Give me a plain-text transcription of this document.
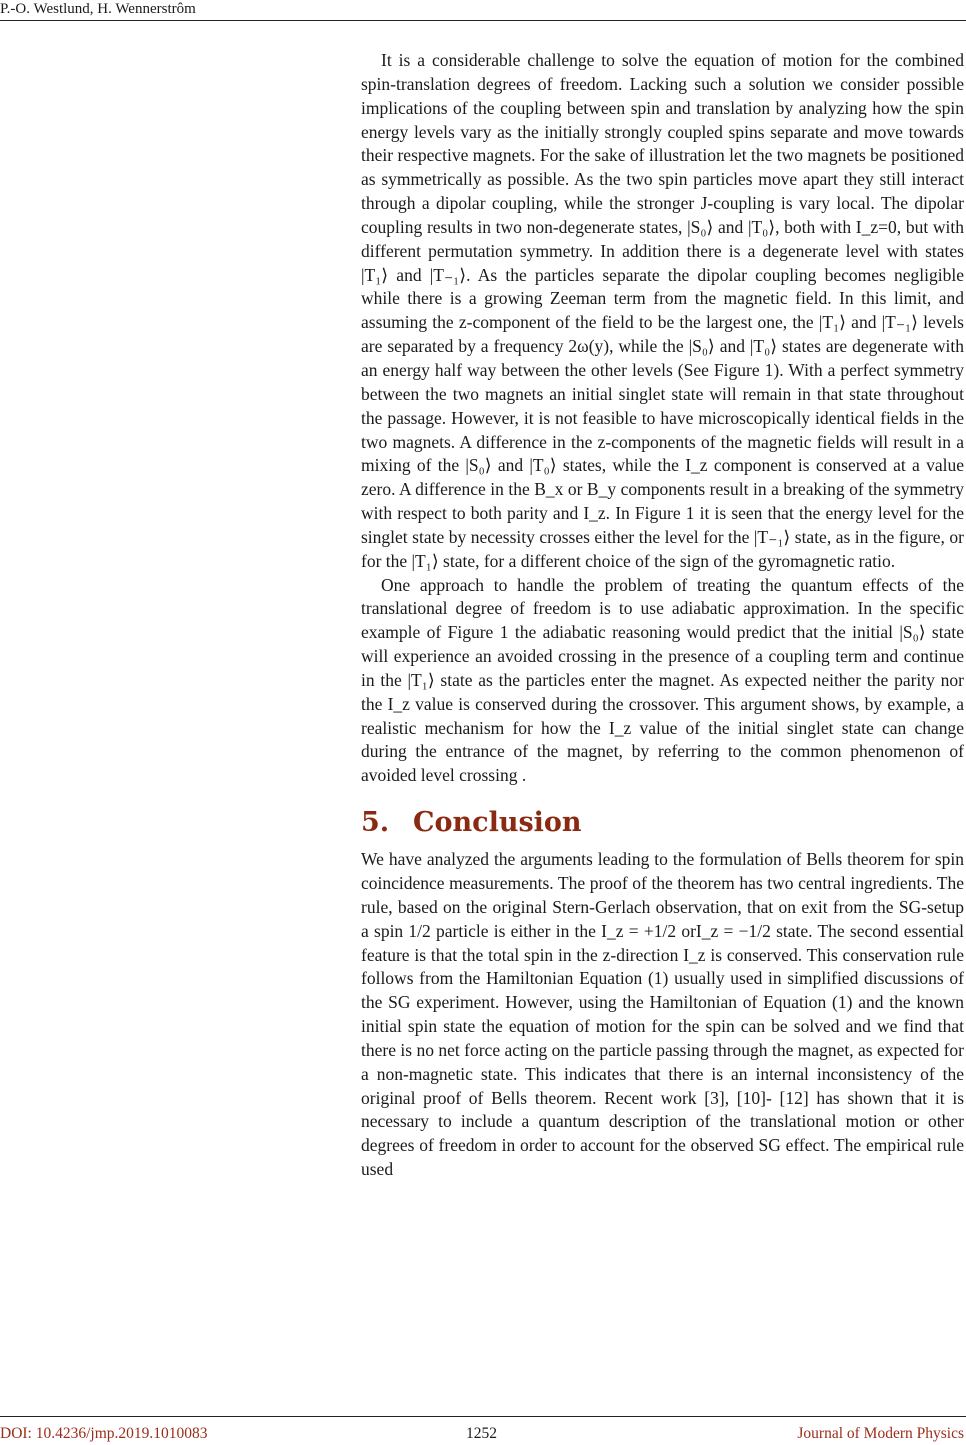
P.-O. Westlund, H. Wennerstrôm

It is a considerable challenge to solve the equation of motion for the combined spin-translation degrees of freedom. Lacking such a solution we consider possible implications of the coupling between spin and translation by analyzing how the spin energy levels vary as the initially strongly coupled spins separate and move towards their respective magnets. For the sake of illustration let the two magnets be positioned as symmetrically as possible. As the two spin particles move apart they still interact through a dipolar coupling, while the stronger J-coupling is vary local. The dipolar coupling results in two non-degenerate states, |S₀⟩ and |T₀⟩, both with I_z=0, but with different permutation symmetry. In addition there is a degenerate level with states |T₁⟩ and |T₋₁⟩. As the particles separate the dipolar coupling becomes negligible while there is a growing Zeeman term from the magnetic field. In this limit, and assuming the z-component of the field to be the largest one, the |T₁⟩ and |T₋₁⟩ levels are separated by a frequency 2ω(y), while the |S₀⟩ and |T₀⟩ states are degenerate with an energy half way between the other levels (See Figure 1). With a perfect symmetry between the two magnets an initial singlet state will remain in that state throughout the passage. However, it is not feasible to have microscopically identical fields in the two magnets. A difference in the z-components of the magnetic fields will result in a mixing of the |S₀⟩ and |T₀⟩ states, while the I_z component is conserved at a value zero. A difference in the B_x or B_y components result in a breaking of the symmetry with respect to both parity and I_z. In Figure 1 it is seen that the energy level for the singlet state by necessity crosses either the level for the |T₋₁⟩ state, as in the figure, or for the |T₁⟩ state, for a different choice of the sign of the gyromagnetic ratio.

One approach to handle the problem of treating the quantum effects of the translational degree of freedom is to use adiabatic approximation. In the specific example of Figure 1 the adiabatic reasoning would predict that the initial |S₀⟩ state will experience an avoided crossing in the presence of a coupling term and continue in the |T₁⟩ state as the particles enter the magnet. As expected neither the parity nor the I_z value is conserved during the crossover. This argument shows, by example, a realistic mechanism for how the I_z value of the initial singlet state can change during the entrance of the magnet, by referring to the common phenomenon of avoided level crossing .

5. Conclusion

We have analyzed the arguments leading to the formulation of Bells theorem for spin coincidence measurements. The proof of the theorem has two central ingredients. The rule, based on the original Stern-Gerlach observation, that on exit from the SG-setup a spin 1/2 particle is either in the I_z = +1/2 orI_z = −1/2 state. The second essential feature is that the total spin in the z-direction I_z is conserved. This conservation rule follows from the Hamiltonian Equation (1) usually used in simplified discussions of the SG experiment. However, using the Hamiltonian of Equation (1) and the known initial spin state the equation of motion for the spin can be solved and we find that there is no net force acting on the particle passing through the magnet, as expected for a non-magnetic state. This indicates that there is an internal inconsistency of the original proof of Bells theorem. Recent work [3], [10]- [12] has shown that it is necessary to include a quantum description of the translational motion or other degrees of freedom in order to account for the observed SG effect. The empirical rule used

DOI: 10.4236/jmp.2019.1010083	1252	Journal of Modern Physics
